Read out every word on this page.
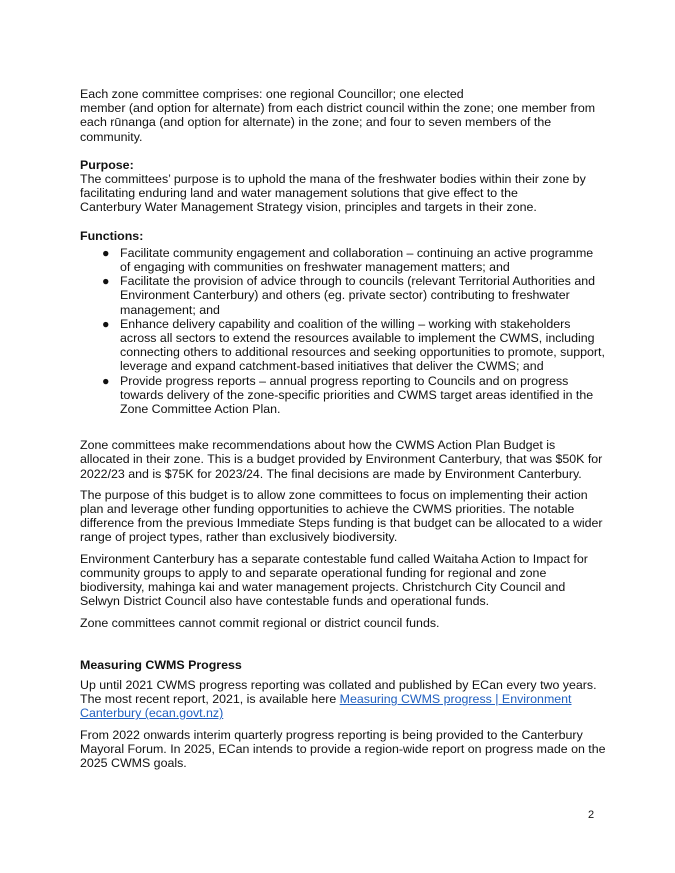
Each zone committee comprises: one regional Councillor; one elected
member (and option for alternate) from each district council within the zone; one member from
each rūnanga (and option for alternate) in the zone; and four to seven members of the
community.

Purpose:

The committees’ purpose is to uphold the mana of the freshwater bodies within their zone by
facilitating enduring land and water management solutions that give effect to the
Canterbury Water Management Strategy vision, principles and targets in their zone.

Functions:
● Facilitate community engagement and collaboration – continuing an active programme
of engaging with communities on freshwater management matters; and
● Facilitate the provision of advice through to councils (relevant Territorial Authorities and
Environment Canterbury) and others (eg. private sector) contributing to freshwater
management; and
● Enhance delivery capability and coalition of the willing – working with stakeholders
across all sectors to extend the resources available to implement the CWMS, including
connecting others to additional resources and seeking opportunities to promote, support,
leverage and expand catchment-based initiatives that deliver the CWMS; and
● Provide progress reports – annual progress reporting to Councils and on progress
towards delivery of the zone-specific priorities and CWMS target areas identified in the
Zone Committee Action Plan.

Zone committees make recommendations about how the CWMS Action Plan Budget is
allocated in their zone. This is a budget provided by Environment Canterbury, that was $50K for
2022/23 and is $75K for 2023/24. The final decisions are made by Environment Canterbury.

The purpose of this budget is to allow zone committees to focus on implementing their action
plan and leverage other funding opportunities to achieve the CWMS priorities. The notable
difference from the previous Immediate Steps funding is that budget can be allocated to a wider
range of project types, rather than exclusively biodiversity.

Environment Canterbury has a separate contestable fund called Waitaha Action to Impact for
community groups to apply to and separate operational funding for regional and zone
biodiversity, mahinga kai and water management projects. Christchurch City Council and
Selwyn District Council also have contestable funds and operational funds.

Zone committees cannot commit regional or district council funds.

Measuring CWMS Progress

Up until 2021 CWMS progress reporting was collated and published by ECan every two years.
The most recent report, 2021, is available here Measuring CWMS progress | Environment
Canterbury (ecan.govt.nz)

From 2022 onwards interim quarterly progress reporting is being provided to the Canterbury
Mayoral Forum. In 2025, ECan intends to provide a region-wide report on progress made on the
2025 CWMS goals.

2
